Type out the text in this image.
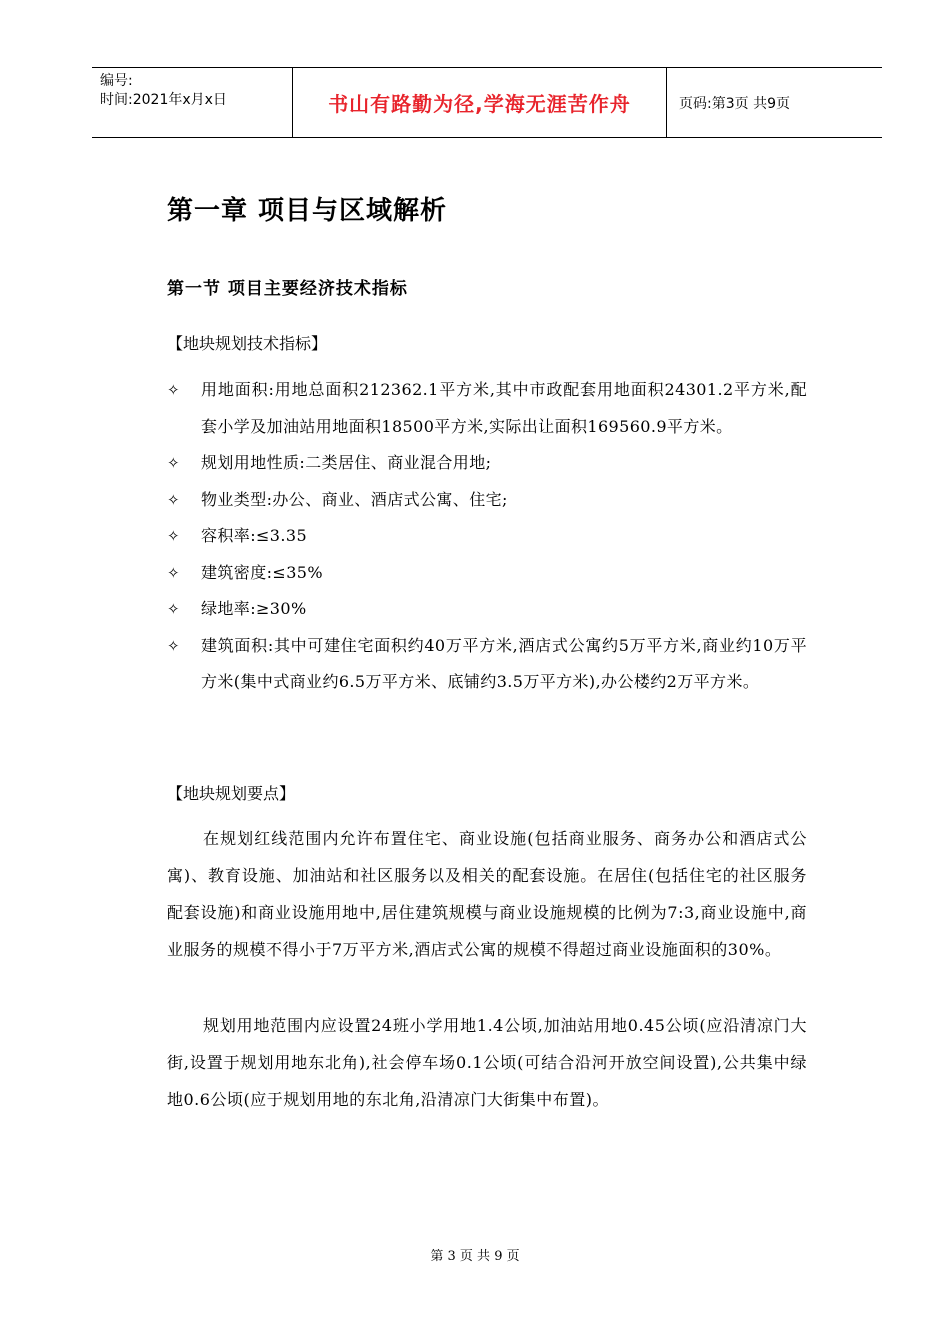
编号:
时间:2021年x月x日	书山有路勤为径,学海无涯苦作舟	页码:第3页 共9页
第一章 项目与区域解析
第一节 项目主要经济技术指标
【地块规划技术指标】
✧	用地面积:用地总面积212362.1平方米,其中市政配套用地面积24301.2平方米,配套小学及加油站用地面积18500平方米,实际出让面积169560.9平方米。
✧	规划用地性质:二类居住、商业混合用地;
✧	物业类型:办公、商业、酒店式公寓、住宅;
✧	容积率:≤3.35
✧	建筑密度:≤35%
✧	绿地率:≥30%
✧	建筑面积:其中可建住宅面积约40万平方米,酒店式公寓约5万平方米,商业约10万平方米(集中式商业约6.5万平方米、底铺约3.5万平方米),办公楼约2万平方米。
【地块规划要点】
在规划红线范围内允许布置住宅、商业设施(包括商业服务、商务办公和酒店式公寓)、教育设施、加油站和社区服务以及相关的配套设施。在居住(包括住宅的社区服务配套设施)和商业设施用地中,居住建筑规模与商业设施规模的比例为7:3,商业设施中,商业服务的规模不得小于7万平方米,酒店式公寓的规模不得超过商业设施面积的30%。
规划用地范围内应设置24班小学用地1.4公顷,加油站用地0.45公顷(应沿清凉门大街,设置于规划用地东北角),社会停车场0.1公顷(可结合沿河开放空间设置),公共集中绿地0.6公顷(应于规划用地的东北角,沿清凉门大街集中布置)。
第 3 页 共 9 页
